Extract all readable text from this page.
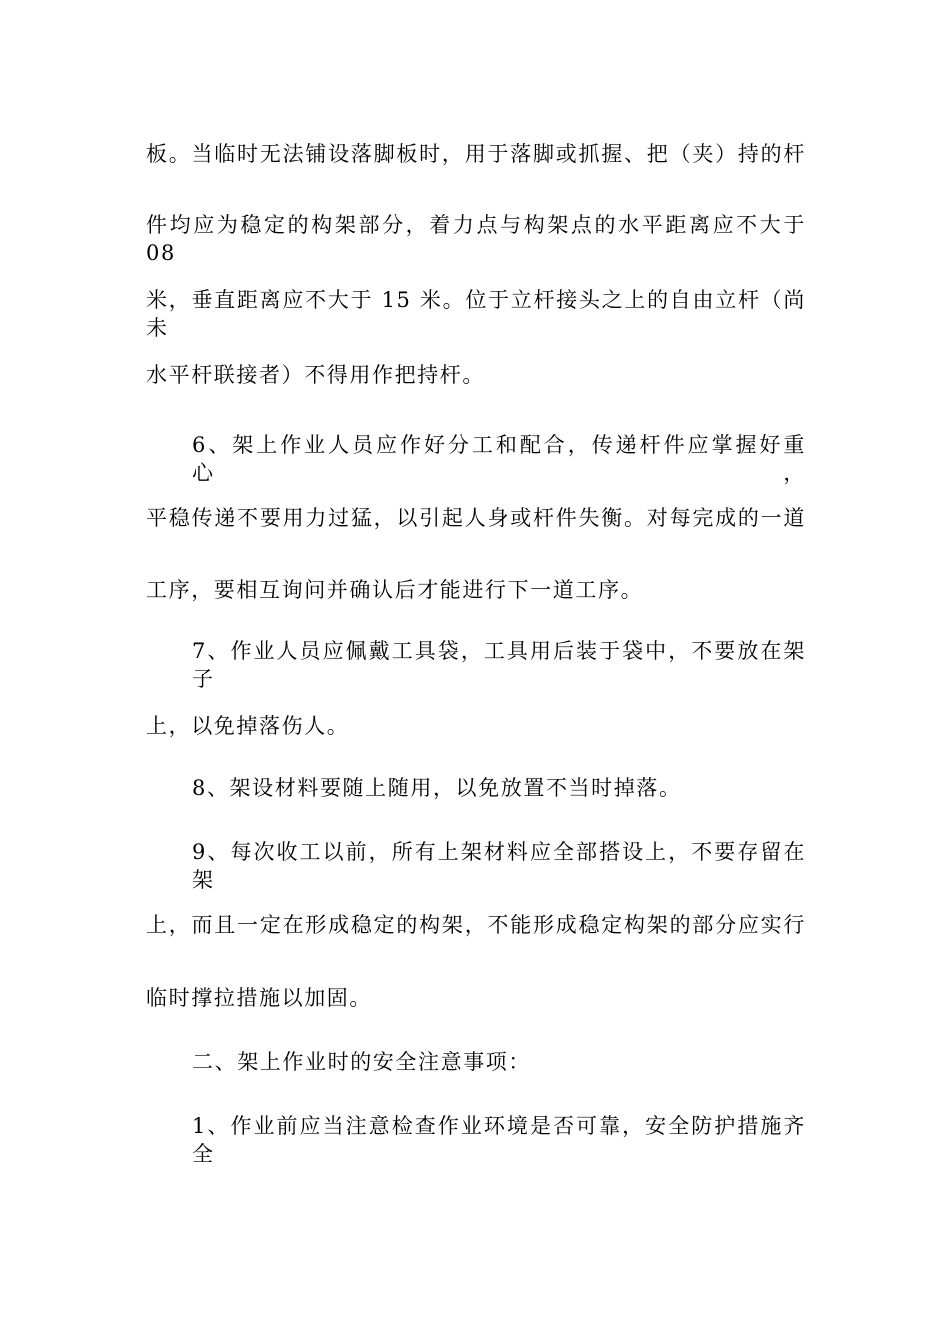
板。当临时无法铺设落脚板时，用于落脚或抓握、把（夹）持的杆
件均应为稳定的构架部分，着力点与构架点的水平距离应不大于 08
米，垂直距离应不大于 15 米。位于立杆接头之上的自由立杆（尚未
水平杆联接者）不得用作把持杆。
6、架上作业人员应作好分工和配合，传递杆件应掌握好重心，
平稳传递不要用力过猛，以引起人身或杆件失衡。对每完成的一道
工序，要相互询问并确认后才能进行下一道工序。
7、作业人员应佩戴工具袋，工具用后装于袋中，不要放在架子
上，以免掉落伤人。
8、架设材料要随上随用，以免放置不当时掉落。
9、每次收工以前，所有上架材料应全部搭设上，不要存留在架
上，而且一定在形成稳定的构架，不能形成稳定构架的部分应实行
临时撑拉措施以加固。
二、架上作业时的安全注意事项：
1、作业前应当注意检查作业环境是否可靠，安全防护措施齐全
